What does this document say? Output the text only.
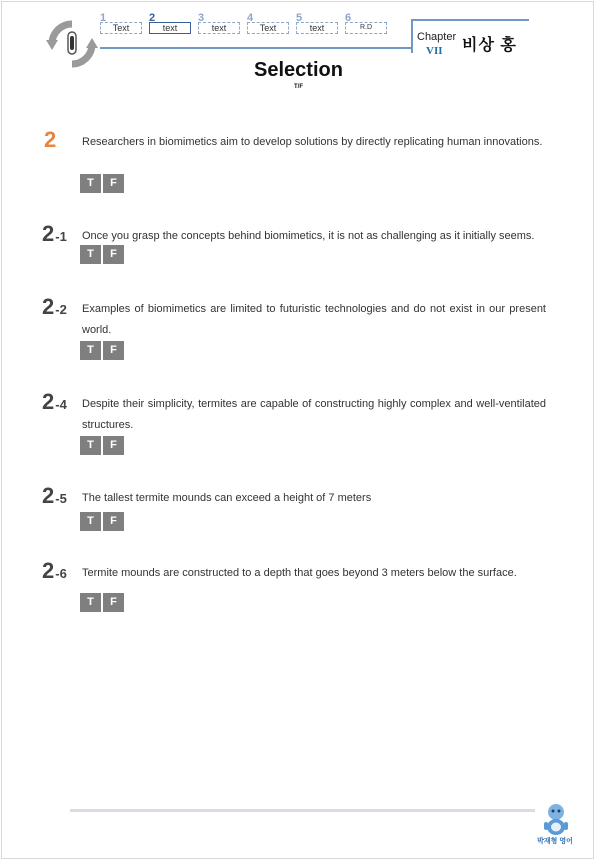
1
Text
2
text
3
text
4
Text
5
text
6
R.D
Chapter
VII 비상 홍
Selection
T/F
2 Researchers in biomimetics aim to develop solutions by directly replicating human innovations.
T	F
2-1 Once you grasp the concepts behind biomimetics, it is not as challenging as it initially seems.
T	F
2-2 Examples of biomimetics are limited to futuristic technologies and do not exist in our present world.
T	F
2-4 Despite their simplicity, termites are capable of constructing highly complex and well-ventilated structures.
T	F
2-5 The tallest termite mounds can exceed a height of 7 meters
T	F
2-6 Termite mounds are constructed to a depth that goes beyond 3 meters below the surface.
T	F
박재형 영어
